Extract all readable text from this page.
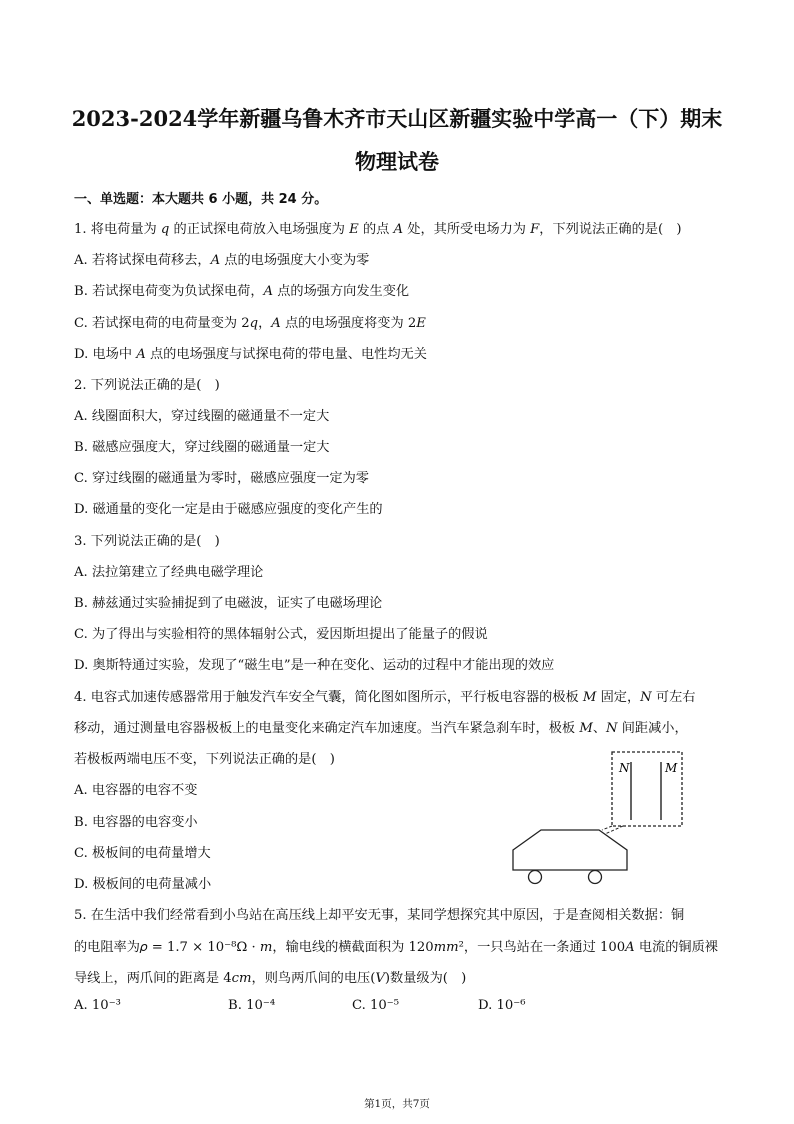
2023-2024学年新疆乌鲁木齐市天山区新疆实验中学高一（下）期末
物理试卷
一、单选题：本大题共 6 小题，共 24 分。
1. 将电荷量为 𝑞 的正试探电荷放入电场强度为 𝐸 的点 𝐴 处，其所受电场力为 𝐹，下列说法正确的是(　)
A. 若将试探电荷移去，𝐴 点的电场强度大小变为零
B. 若试探电荷变为负试探电荷，𝐴 点的场强方向发生变化
C. 若试探电荷的电荷量变为 2𝑞，𝐴 点的电场强度将变为 2𝐸
D. 电场中 𝐴 点的电场强度与试探电荷的带电量、电性均无关
2. 下列说法正确的是(　)
A. 线圈面积大，穿过线圈的磁通量不一定大
B. 磁感应强度大，穿过线圈的磁通量一定大
C. 穿过线圈的磁通量为零时，磁感应强度一定为零
D. 磁通量的变化一定是由于磁感应强度的变化产生的
3. 下列说法正确的是(　)
A. 法拉第建立了经典电磁学理论
B. 赫兹通过实验捕捉到了电磁波，证实了电磁场理论
C. 为了得出与实验相符的黑体辐射公式，爱因斯坦提出了能量子的假说
D. 奥斯特通过实验，发现了“磁生电”是一种在变化、运动的过程中才能出现的效应
4. 电容式加速传感器常用于触发汽车安全气囊，简化图如图所示，平行板电容器的极板 𝑀 固定，𝑁 可左右
移动，通过测量电容器极板上的电量变化来确定汽车加速度。当汽车紧急刹车时，极板 𝑀、𝑁 间距减小，
若极板两端电压不变，下列说法正确的是(　)
A. 电容器的电容不变
B. 电容器的电容变小
C. 极板间的电荷量增大
D. 极板间的电荷量减小
N	M
5. 在生活中我们经常看到小鸟站在高压线上却平安无事，某同学想探究其中原因，于是查阅相关数据：铜
的电阻率为𝜌 = 1.7 × 10⁻⁸Ω · 𝑚，输电线的横截面积为 120𝑚𝑚²，一只鸟站在一条通过 100𝐴 电流的铜质裸
导线上，两爪间的距离是 4𝑐𝑚，则鸟两爪间的电压(𝑉)数量级为(　)
A. 10⁻³	B. 10⁻⁴	C. 10⁻⁵	D. 10⁻⁶
第1页，共7页
